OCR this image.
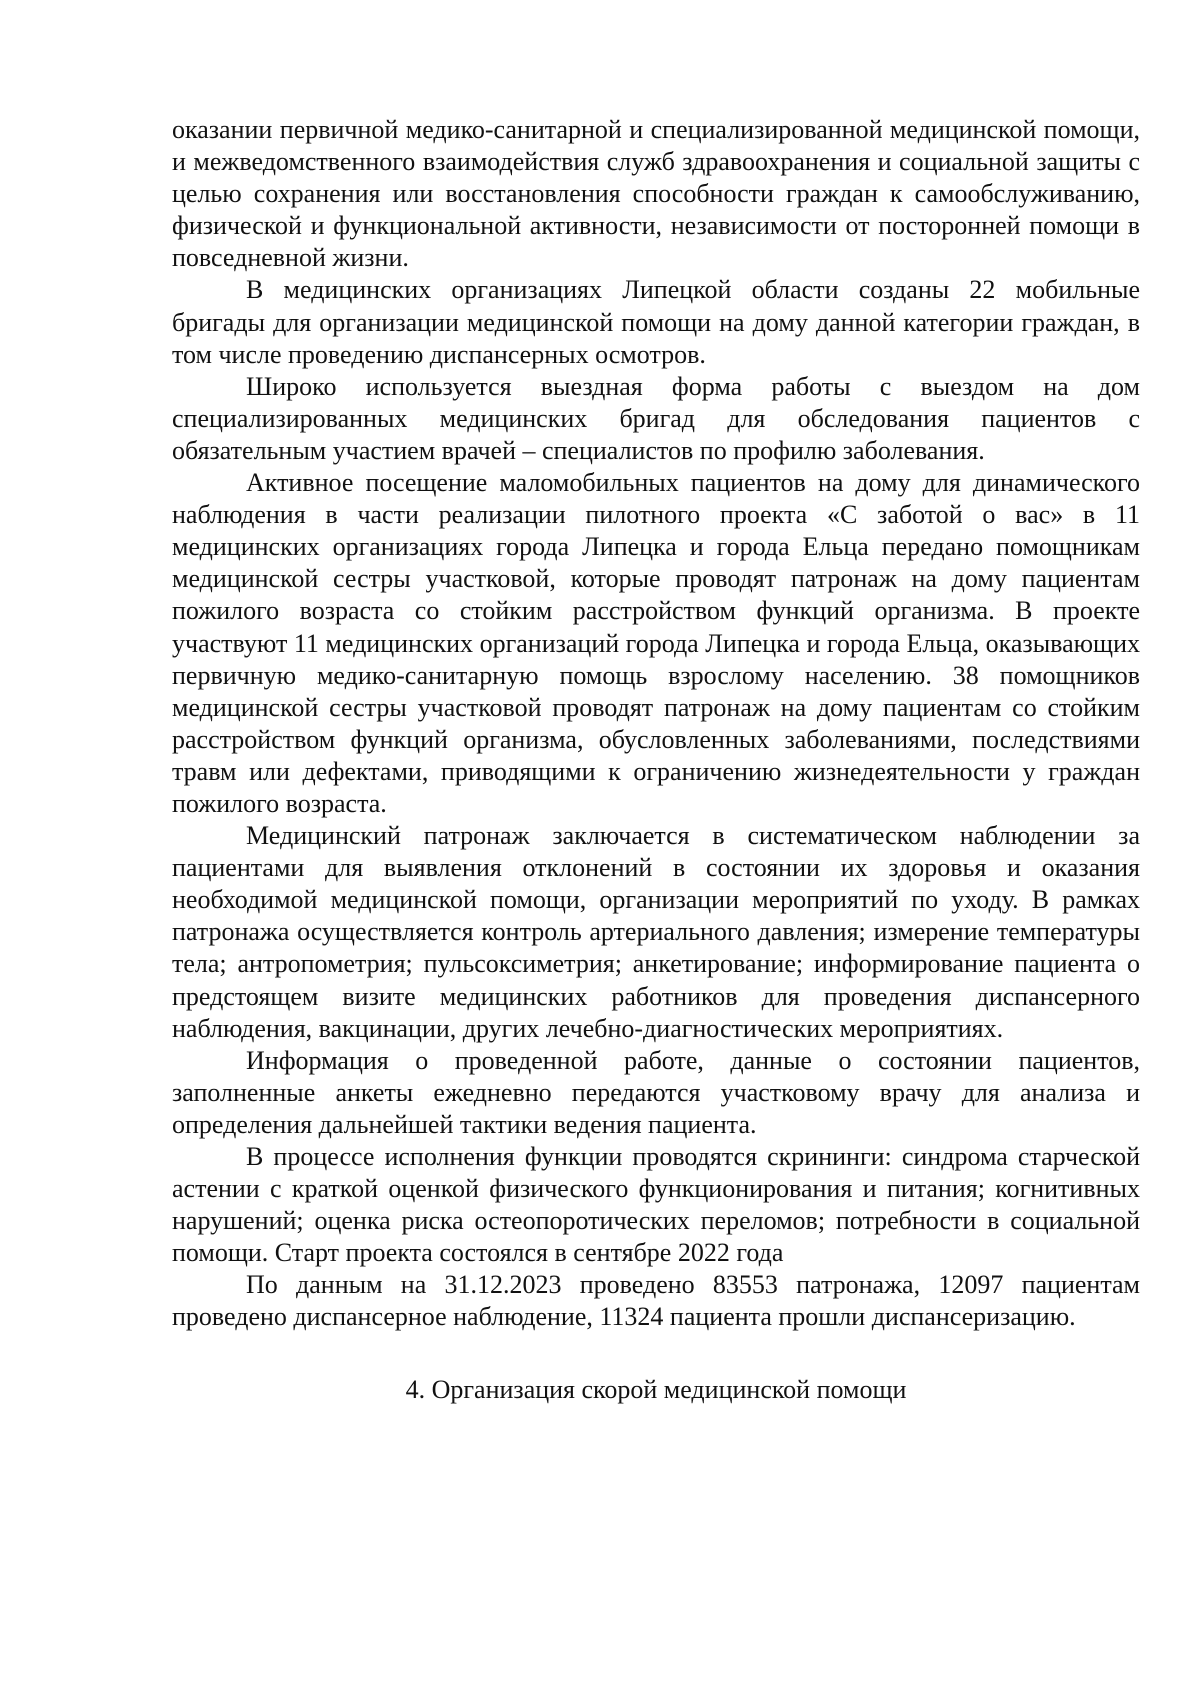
оказании первичной медико-санитарной и специализированной медицинской помощи, и межведомственного взаимодействия служб здравоохранения и социальной защиты с целью сохранения или восстановления способности граждан к самообслуживанию, физической и функциональной активности, независимости от посторонней помощи в повседневной жизни.

В медицинских организациях Липецкой области созданы 22 мобильные бригады для организации медицинской помощи на дому данной категории граждан, в том числе проведению диспансерных осмотров.

Широко используется выездная форма работы с выездом на дом специализированных медицинских бригад для обследования пациентов с обязательным участием врачей – специалистов по профилю заболевания.

Активное посещение маломобильных пациентов на дому для динамического наблюдения в части реализации пилотного проекта «С заботой о вас» в 11 медицинских организациях города Липецка и города Ельца передано помощникам медицинской сестры участковой, которые проводят патронаж на дому пациентам пожилого возраста со стойким расстройством функций организма. В проекте участвуют 11 медицинских организаций города Липецка и города Ельца, оказывающих первичную медико-санитарную помощь взрослому населению. 38 помощников медицинской сестры участковой проводят патронаж на дому пациентам со стойким расстройством функций организма, обусловленных заболеваниями, последствиями травм или дефектами, приводящими к ограничению жизнедеятельности у граждан пожилого возраста.

Медицинский патронаж заключается в систематическом наблюдении за пациентами для выявления отклонений в состоянии их здоровья и оказания необходимой медицинской помощи, организации мероприятий по уходу. В рамках патронажа осуществляется контроль артериального давления; измерение температуры тела; антропометрия; пульсоксиметрия; анкетирование; информирование пациента о предстоящем визите медицинских работников для проведения диспансерного наблюдения, вакцинации, других лечебно-диагностических мероприятиях.

Информация о проведенной работе, данные о состоянии пациентов, заполненные анкеты ежедневно передаются участковому врачу для анализа и определения дальнейшей тактики ведения пациента.

В процессе исполнения функции проводятся скрининги: синдрома старческой астении с краткой оценкой физического функционирования и питания; когнитивных нарушений; оценка риска остеопоротических переломов; потребности в социальной помощи. Старт проекта состоялся в сентябре 2022 года

По данным на 31.12.2023 проведено 83553 патронажа, 12097 пациентам проведено диспансерное наблюдение, 11324 пациента прошли диспансеризацию.

4. Организация скорой медицинской помощи
